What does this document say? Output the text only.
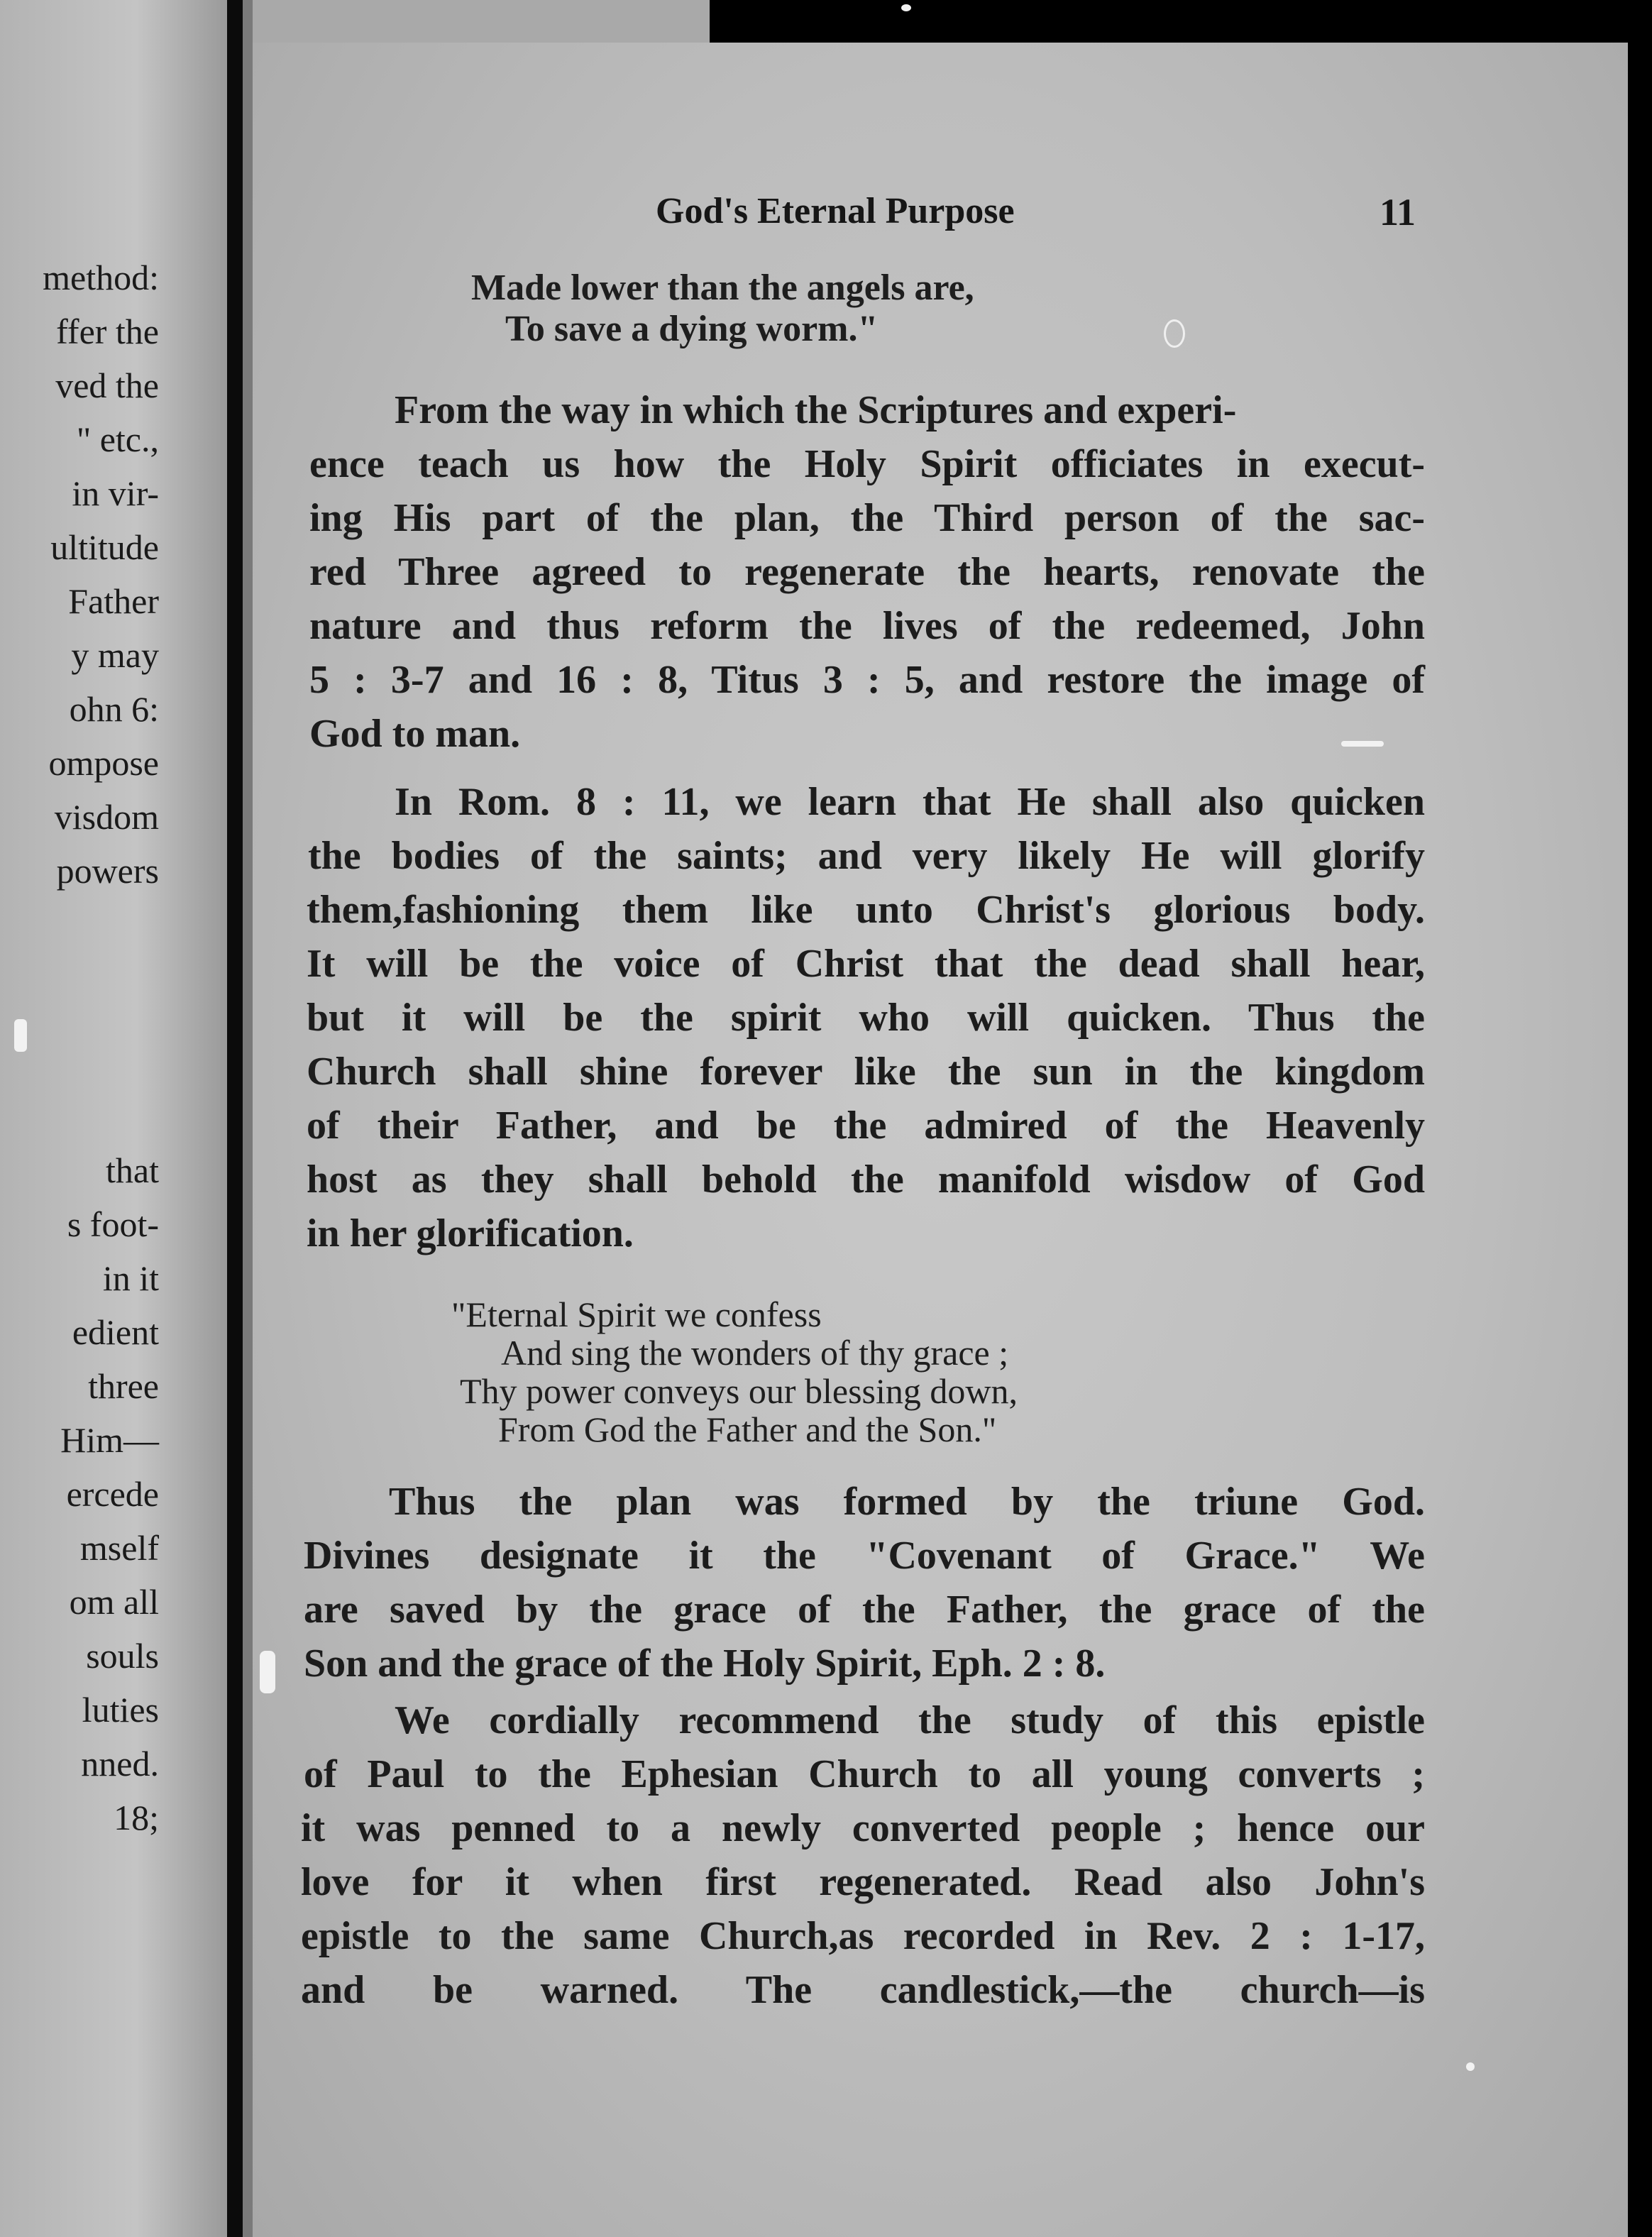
method:
ffer the
ved the
" etc.,
in vir-
ultitude
Father
y may
ohn 6:
ompose
visdom
powers
that
s foot-
in it
edient
three
Him—
ercede
mself
om all
souls
luties
nned.
18;
God's Eternal Purpose	11
Made lower than the angels are,
To save a dying worm."
From the way in which the Scriptures and experi-
ence teach us how the Holy Spirit officiates in execut-
ing His part of the plan, the Third person of the sac-
red Three agreed to regenerate the hearts, renovate the
nature and thus reform the lives of the redeemed, John
5 : 3-7 and 16 : 8, Titus 3 : 5, and restore the image of
God to man.
In Rom. 8 : 11, we learn that He shall also quicken
the bodies of the saints; and very likely He will glorify
them,fashioning them like unto Christ's glorious body.
It will be the voice of Christ that the dead shall hear,
but it will be the spirit who will quicken. Thus the
Church shall shine forever like the sun in the kingdom
of their Father, and be the admired of the Heavenly
host as they shall behold the manifold wisdow of God
in her glorification.
"Eternal Spirit we confess
And sing the wonders of thy grace ;
Thy power conveys our blessing down,
From God the Father and the Son."
Thus the plan was formed by the triune God.
Divines designate it the "Covenant of Grace." We
are saved by the grace of the Father, the grace of the
Son and the grace of the Holy Spirit, Eph. 2 : 8.
We cordially recommend the study of this epistle
of Paul to the Ephesian Church to all young converts ;
it was penned to a newly converted people ; hence our
love for it when first regenerated. Read also John's
epistle to the same Church,as recorded in Rev. 2 : 1-17,
and be warned. The candlestick,—the church—is
